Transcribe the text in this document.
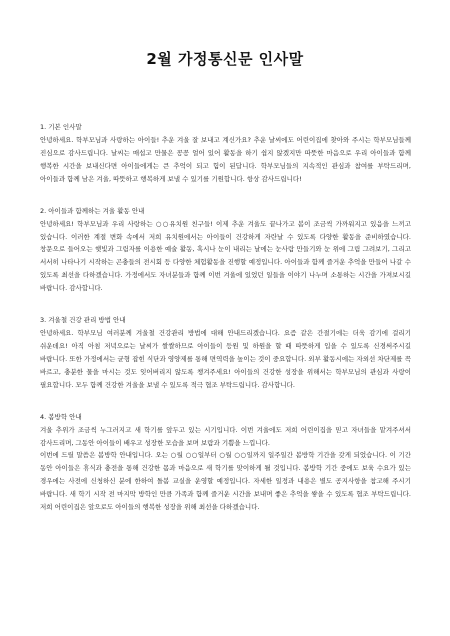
2월 가정통신문 인사말
1. 기본 인사말

안녕하세요. 학부모님과 사랑하는 아이들! 추운 겨울 잘 보내고 계신가요? 추운 날씨에도 어린이집에 찾아와 주시는 학부모님들께 진심으로 감사드립니다. 날씨는 매섭고 만물은 꽁꽁 얼어 있어 활동을 하기 쉽지 않겠지만 따뜻한 마음으로 우리 아이들과 함께 행복한 시간을 보내신다면 아이들에게는 큰 추억이 되고 힘이 된답니다. 학부모님들의 지속적인 관심과 참여를 부탁드리며, 아이들과 함께 남은 겨울, 따뜻하고 행복하게 보낼 수 있기를 기원합니다. 항상 감사드립니다!

2. 아이들과 함께하는 겨울 활동 안내

안녕하세요! 학부모님과 우리 사랑하는 ○○유치원 친구들! 이제 추운 겨울도 끝나가고 봄이 조금씩 가까워지고 있음을 느끼고 있습니다. 이러한 계절 변화 속에서 저희 유치원에서는 아이들이 건강하게 자란날 수 있도록 다양한 활동을 준비하였습니다. 창문으로 들어오는 햇빛과 그림자를 이용한 예술 활동, 혹시나 눈이 내리는 날에는 눈사람 만들기와 눈 위에 그림 그려보기, 그리고 서서히 나타나기 시작하는 곤충들의 전시회 등 다양한 체험활동을 진행할 예정입니다. 아이들과 함께 즐거운 추억을 만들어 나갈 수 있도록 최선을 다하겠습니다. 가정에서도 자녀분들과 함께 이번 겨울에 있었던 일들을 이야기 나누며 소통하는 시간을 가져보시길 바랍니다. 감사합니다.

3. 겨울철 건강 관리 방법 안내

안녕하세요. 학부모님 여러분께 겨울철 건강관리 방법에 대해 안내드리겠습니다. 요즘 같은 간절기에는 더욱 감기에 걸리기 쉬운데요! 아직 아침 저녁으로는 날씨가 쌀쌀하므로 아이들이 등원 및 하원을 할 때 따뜻하게 입을 수 있도록 신경써주시길 바랍니다. 또한 가정에서는 균형 잡힌 식단과 영양제를 통해 면역력을 높이는 것이 중요합니다. 외부 활동시에는 자외선 차단제를 꼭 바르고, 충분한 물을 마시는 것도 잊어버리지 않도록 챙겨주세요! 아이들의 건강한 성장을 위해서는 학부모님의 관심과 사랑이 필요합니다. 모두 함께 건강한 겨울을 보낼 수 있도록 적극 협조 부탁드립니다. 감사합니다.

4. 봄방학 안내

겨울 추위가 조금씩 누그러지고 새 학기를 앞두고 있는 시기입니다. 이번 겨울에도 저희 어린이집을 믿고 자녀들을 맡겨주셔서 감사드리며, 그동안 아이들이 배우고 성장한 모습을 보며 보람과 기쁨을 느낍니다.
이번에 드릴 말씀은 봄방학 안내입니다. 오는 ○월 ○○일부터 ○월 ○○일까지 일주일간 봄방학 기간을 갖게 되었습니다. 이 기간 동안 아이들은 휴식과 충전을 통해 건강한 몸과 마음으로 새 학기를 맞이하게 될 것입니다. 봄방학 기간 중에도 보육 수요가 있는 경우에는 사전에 신청하신 분에 한하여 돌봄 교실을 운영할 예정입니다. 자세한 일정과 내용은 별도 공지사항을 참고해 주시기 바랍니다. 새 학기 시작 전 마지막 방학인 만큼 가족과 함께 즐거운 시간을 보내며 좋은 추억을 쌓을 수 있도록 협조 부탁드립니다. 저희 어린이집은 앞으로도 아이들의 행복한 성장을 위해 최선을 다하겠습니다.
